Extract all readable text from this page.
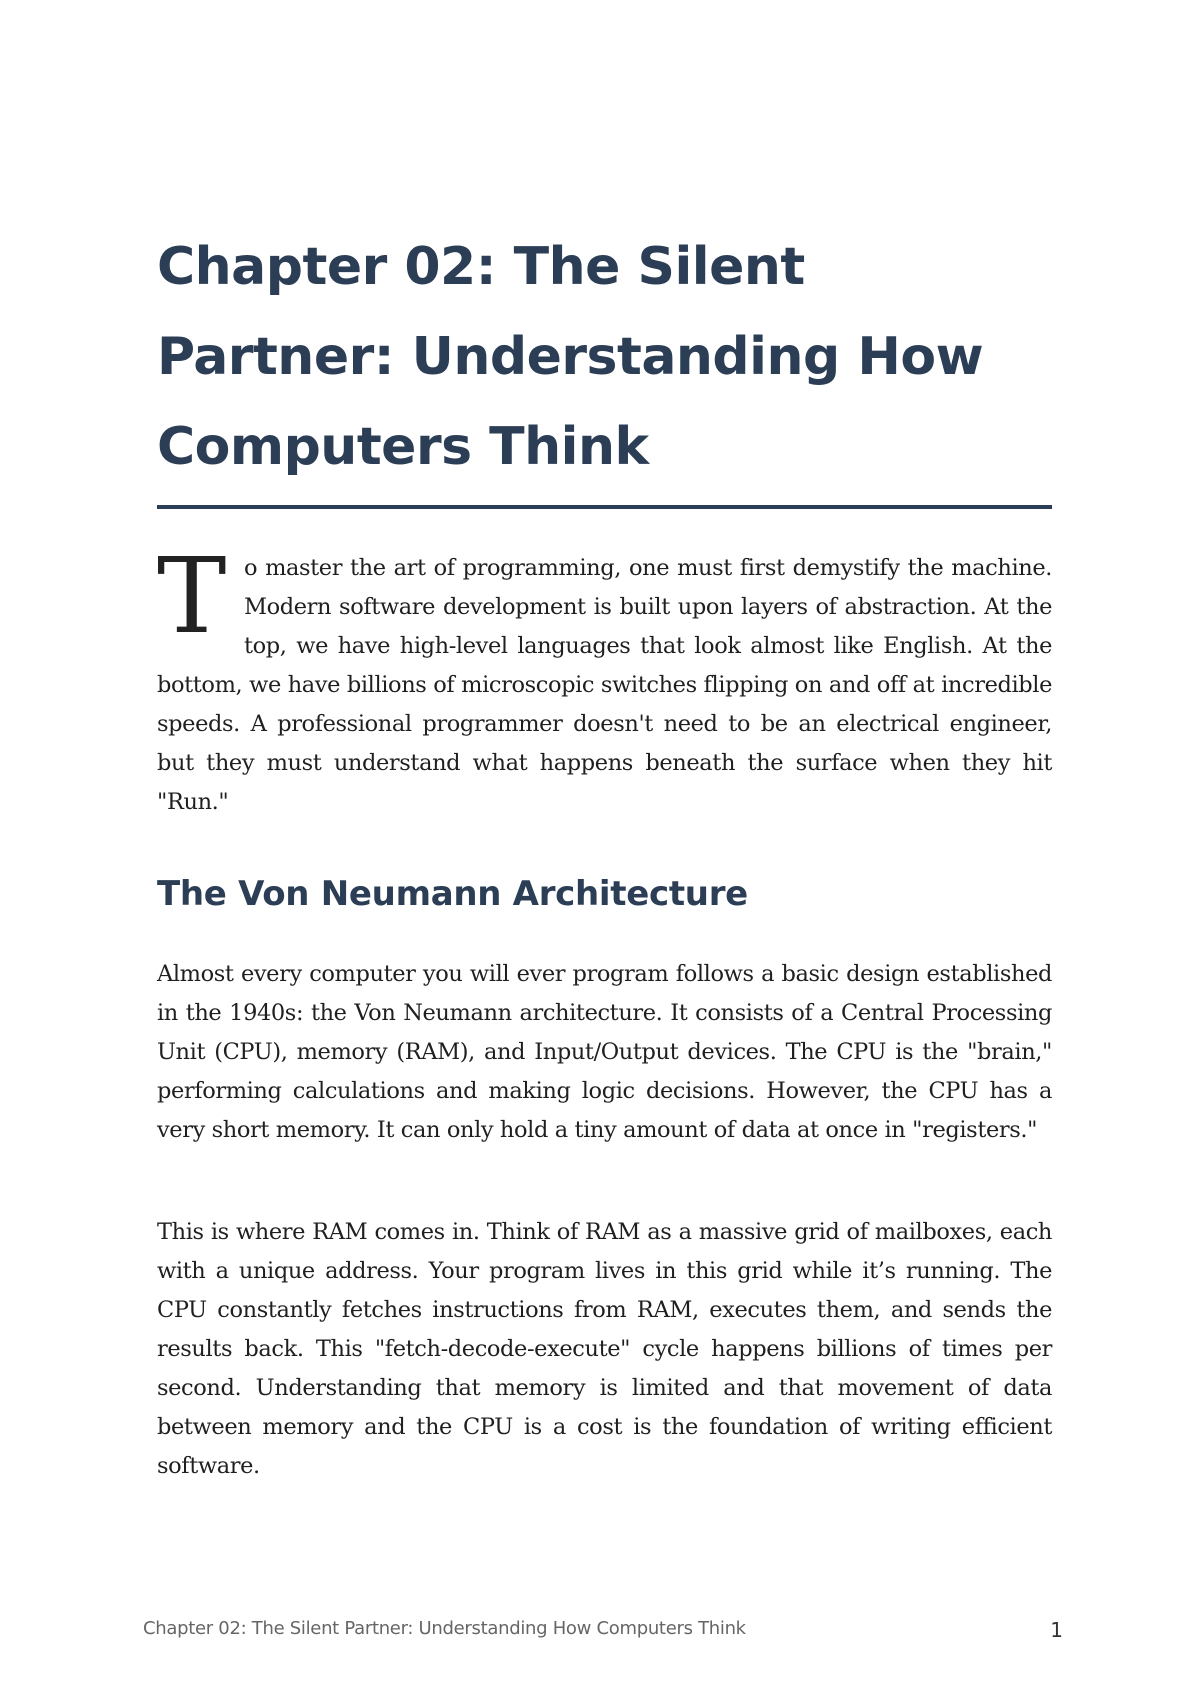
Chapter 02: The Silent Partner: Understanding How Computers Think

To master the art of programming, one must first demystify the machine. Modern software development is built upon layers of abstraction. At the top, we have high-level languages that look almost like English. At the bottom, we have billions of microscopic switches flipping on and off at incredible speeds. A professional programmer doesn't need to be an electrical engineer, but they must understand what happens beneath the surface when they hit "Run."

The Von Neumann Architecture

Almost every computer you will ever program follows a basic design established in the 1940s: the Von Neumann architecture. It consists of a Central Processing Unit (CPU), memory (RAM), and Input/Output devices. The CPU is the "brain," performing calculations and making logic decisions. However, the CPU has a very short memory. It can only hold a tiny amount of data at once in "registers."

This is where RAM comes in. Think of RAM as a massive grid of mailboxes, each with a unique address. Your program lives in this grid while it’s running. The CPU constantly fetches instructions from RAM, executes them, and sends the results back. This "fetch-decode-execute" cycle happens billions of times per second. Understanding that memory is limited and that movement of data between memory and the CPU is a cost is the foundation of writing efficient software.

Chapter 02: The Silent Partner: Understanding How Computers Think	1
